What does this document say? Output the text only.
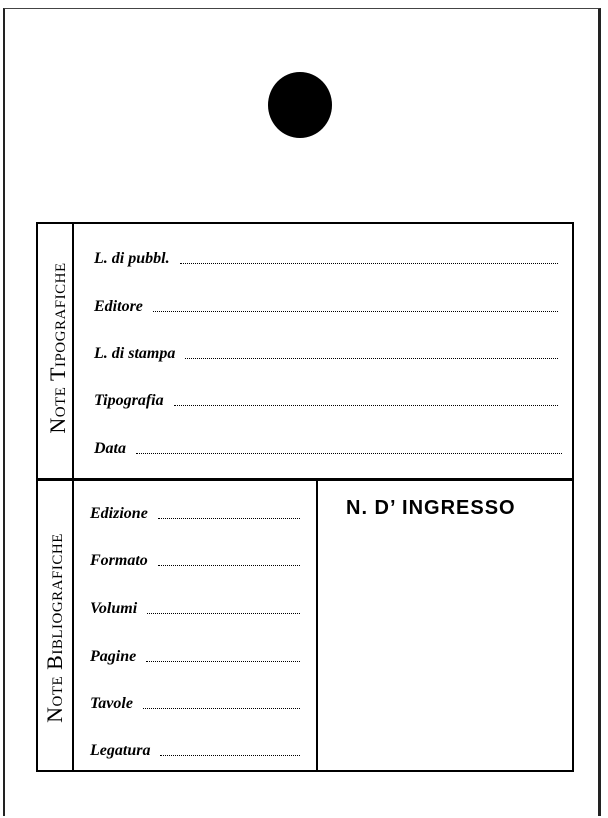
Note Tipografiche
Note Bibliografiche
L. di pubbl.
Editore
L. di stampa
Tipografia
Data
Edizione
Formato
Volumi
Pagine
Tavole
Legatura
N. D’ INGRESSO
